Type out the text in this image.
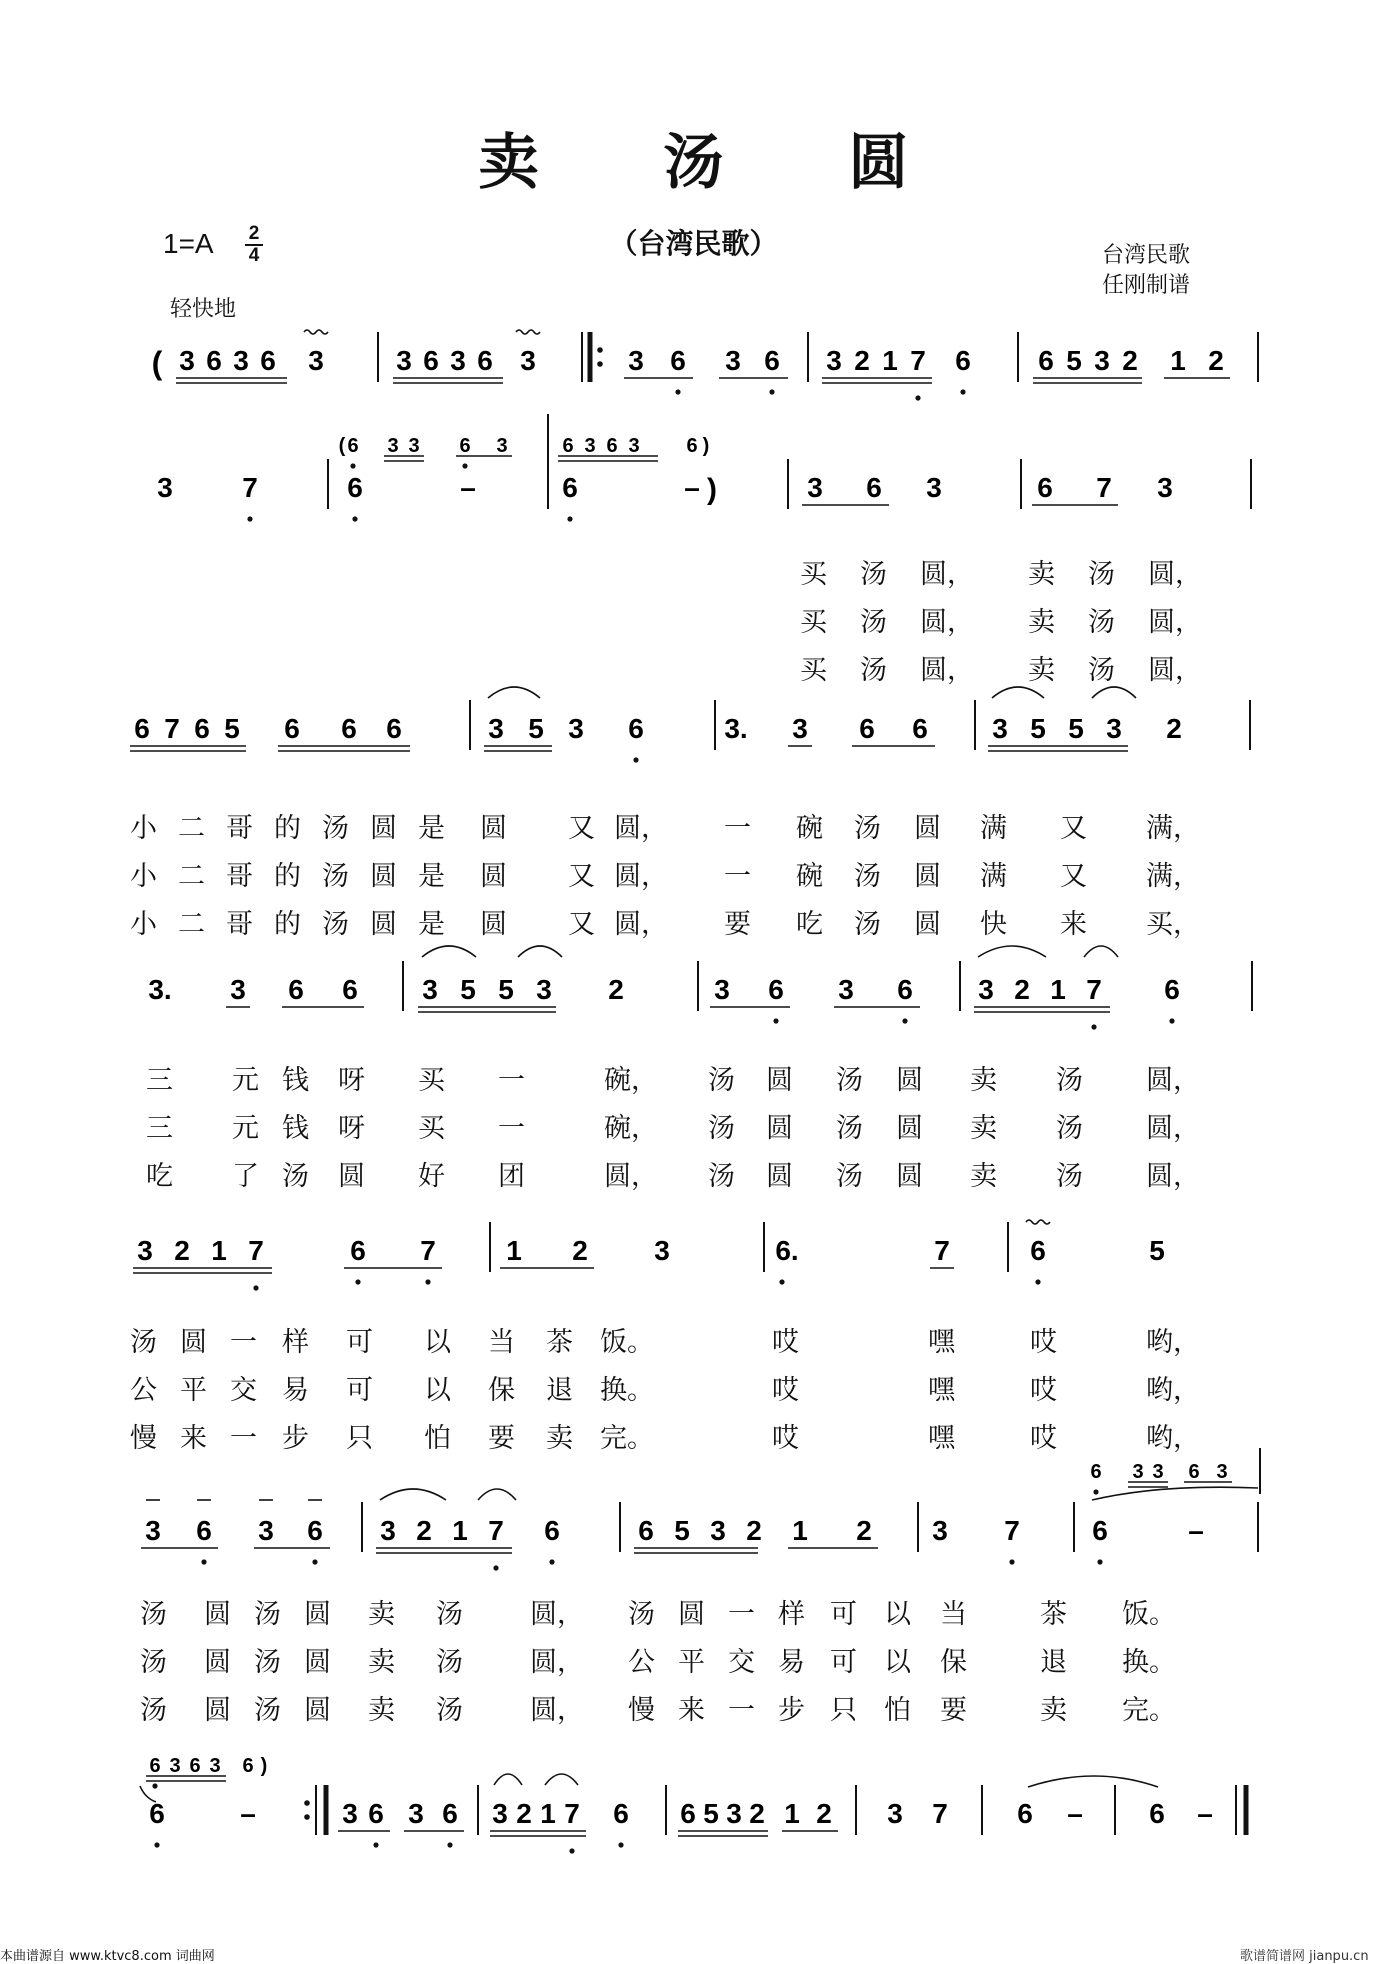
卖 汤 圆
（台湾民歌）
1=A 2
4
轻快地
台湾民歌
任刚制谱
( 3 6 3 6 3	3 6 3 6 3	3 6 3 6 3 2 1 7 6 6 5 3 2 1 2
3 7	6	–	6	– )	3 6 3	6 7 3
( 6 3 3 6 3	6 3 6 3 6 )
6 7 6 5 6 6 6	3 5 3 6	3. 3 6 6 3 5 5 3 2
3. 3 6 6 3 5 5 3 2	3 6 3 6 3 2 1 7 6
3 2 1 7	6 7	1 2 3	6.	7	6	5
3 6 3 6 3 2 1 7 6	6 5 3 2 1 2 3 7	6	–
6 3 3 6 3
6	–	3 6 3 6 3 2 1 7 6 6 5 3 2 1 2 3 7 6 – 6 –
6 3 6 3 6 )
买 汤 圆， 卖 汤 圆，
买 汤 圆， 卖 汤 圆，
买 汤 圆， 卖 汤 圆，
小 二 哥 的 汤 圆 是 圆 又 圆， 一 碗 汤 圆 满 又 满，
小 二 哥 的 汤 圆 是 圆 又 圆， 一 碗 汤 圆 满 又 满，
小 二 哥 的 汤 圆 是 圆 又 圆， 要 吃 汤 圆 快 来 买，
三 元 钱 呀 买 一	碗， 汤 圆 汤 圆 卖 汤 圆，
三 元 钱 呀 买 一	碗， 汤 圆 汤 圆 卖 汤 圆，
吃 了 汤 圆 好 团	圆， 汤 圆 汤 圆 卖 汤 圆，
汤 圆 一 样 可 以 当 茶 饭。	哎	嘿	哎	哟，
公 平 交 易 可 以 保 退 换。	哎	嘿	哎	哟，
慢 来 一 步 只 怕 要 卖 完。	哎	嘿	哎	哟，
汤 圆 汤 圆 卖 汤 圆， 汤 圆 一 样 可 以 当	茶 饭。
汤 圆 汤 圆 卖 汤 圆， 公 平 交 易 可 以 保	退 换。
汤 圆 汤 圆 卖 汤 圆， 慢 来 一 步 只 怕 要	卖 完。
本曲谱源自 www.ktvc8.com 词曲网	歌谱简谱网 jianpu.cn
